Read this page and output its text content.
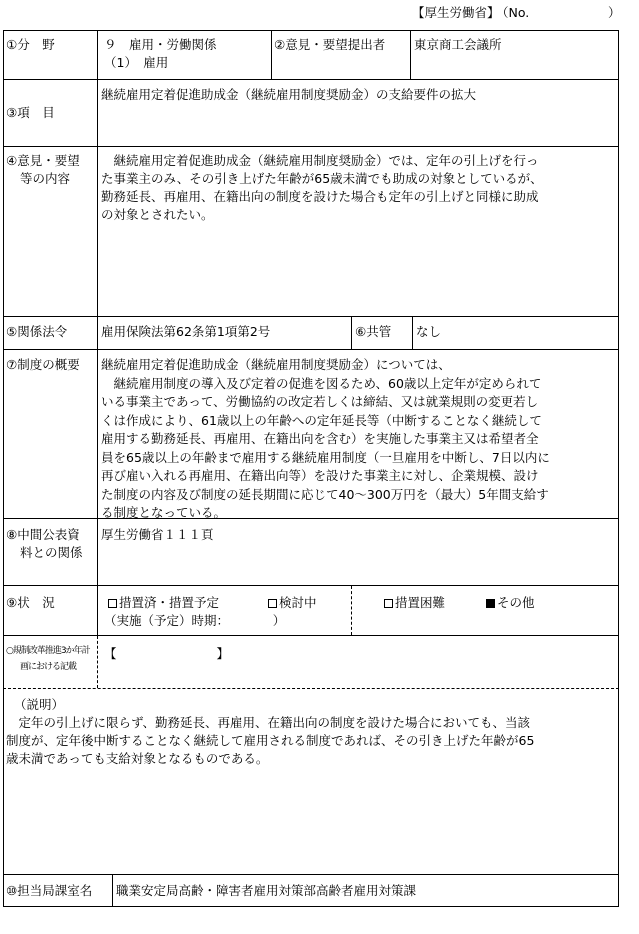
【厚生労働省】
（No.	）
①分　野	９　雇用・労働関係
（1）　雇用
②意見・要望提出者 東京商工会議所
③項　目
継続雇用定着促進助成金（継続雇用制度奨励金）の支給要件の拡大
④意見・要望
等の内容
　継続雇用定着促進助成金（継続雇用制度奨励金）では、定年の引上げを行っ
た事業主のみ、その引き上げた年齢が65歳未満でも助成の対象としているが、
勤務延長、再雇用、在籍出向の制度を設けた場合も定年の引上げと同様に助成
の対象とされたい。
⑤関係法令	雇用保険法第62条第1項第2号	⑥共管 なし
⑦制度の概要 継続雇用定着促進助成金（継続雇用制度奨励金）については、
　継続雇用制度の導入及び定着の促進を図るため、60歳以上定年が定められて
いる事業主であって、労働協約の改定若しくは締結、又は就業規則の変更若し
くは作成により、61歳以上の年齢への定年延長等（中断することなく継続して
雇用する勤務延長、再雇用、在籍出向を含む）を実施した事業主又は希望者全
員を65歳以上の年齢まで雇用する継続雇用制度（一旦雇用を中断し、7日以内に
再び雇い入れる再雇用、在籍出向等）を設けた事業主に対し、企業規模、設け
た制度の内容及び制度の延長期間に応じて40～300万円を（最大）5年間支給す
る制度となっている。
⑧中間公表資
料との関係
厚生労働省１１１頁
⑨状　況	措置済・措置予定	検討中	措置困難	その他
（実施（予定）時期：　　　　）
○規制改革推進3か年計
画における記載
【　　　　　　　　】
（説明）
　定年の引上げに限らず、勤務延長、再雇用、在籍出向の制度を設けた場合においても、当該
制度が、定年後中断することなく継続して雇用される制度であれば、その引き上げた年齢が65
歳未満であっても支給対象となるものである。
⑩担当局課室名 職業安定局高齢・障害者雇用対策部高齢者雇用対策課
